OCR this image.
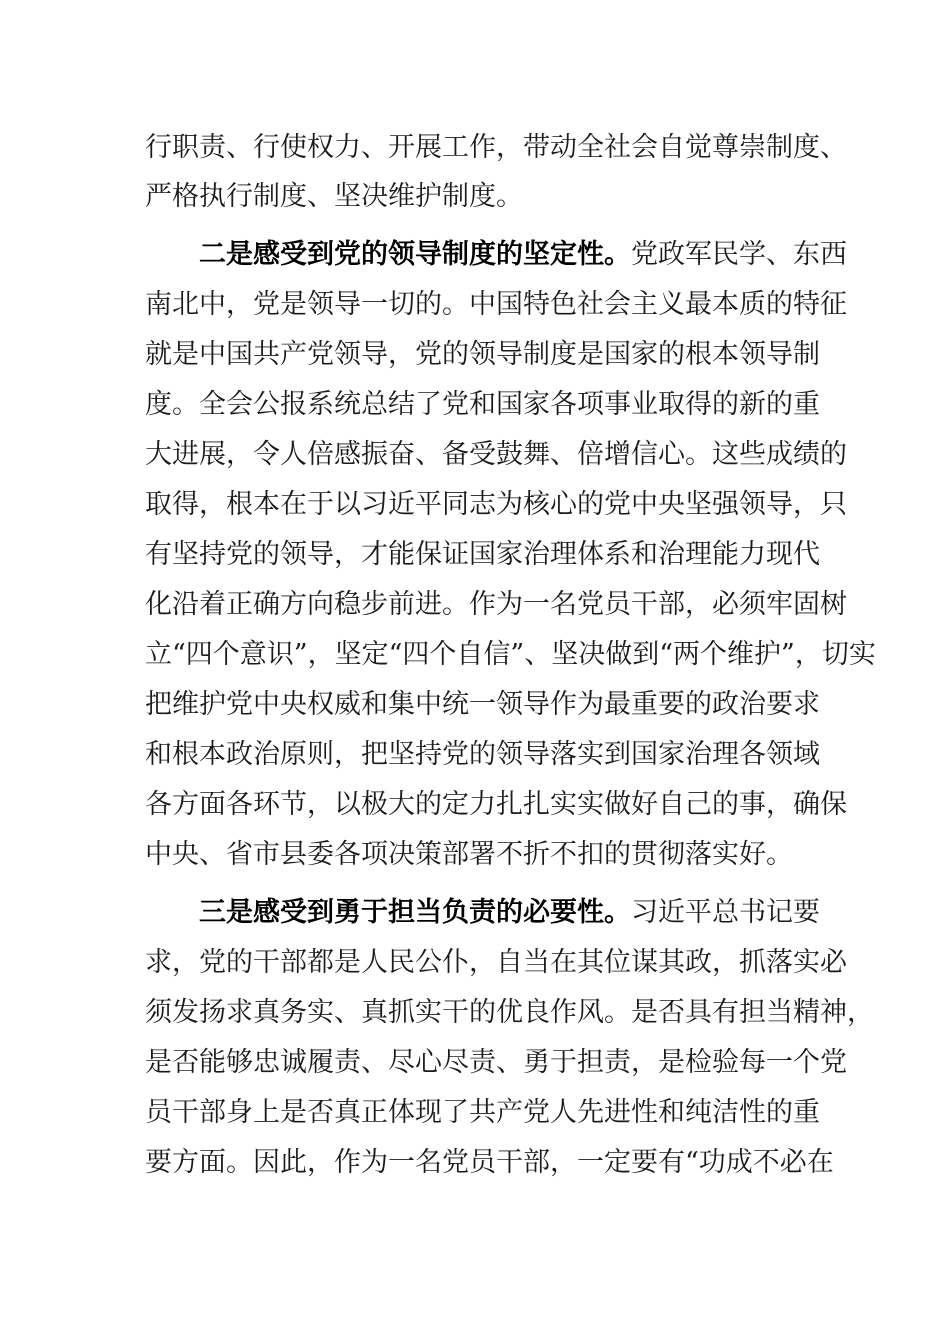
行职责、行使权力、开展工作，带动全社会自觉尊崇制度、
严格执行制度、坚决维护制度。
二是感受到党的领导制度的坚定性。党政军民学、东西
南北中，党是领导一切的。中国特色社会主义最本质的特征
就是中国共产党领导，党的领导制度是国家的根本领导制
度。全会公报系统总结了党和国家各项事业取得的新的重
大进展，令人倍感振奋、备受鼓舞、倍增信心。这些成绩的
取得，根本在于以习近平同志为核心的党中央坚强领导，只
有坚持党的领导，才能保证国家治理体系和治理能力现代
化沿着正确方向稳步前进。作为一名党员干部，必须牢固树
立“四个意识”，坚定“四个自信”、坚决做到“两个维护”，切实
把维护党中央权威和集中统一领导作为最重要的政治要求
和根本政治原则，把坚持党的领导落实到国家治理各领域
各方面各环节，以极大的定力扎扎实实做好自己的事，确保
中央、省市县委各项决策部署不折不扣的贯彻落实好。
三是感受到勇于担当负责的必要性。习近平总书记要
求，党的干部都是人民公仆，自当在其位谋其政，抓落实必
须发扬求真务实、真抓实干的优良作风。是否具有担当精神，
是否能够忠诚履责、尽心尽责、勇于担责，是检验每一个党
员干部身上是否真正体现了共产党人先进性和纯洁性的重
要方面。因此，作为一名党员干部，一定要有“功成不必在
